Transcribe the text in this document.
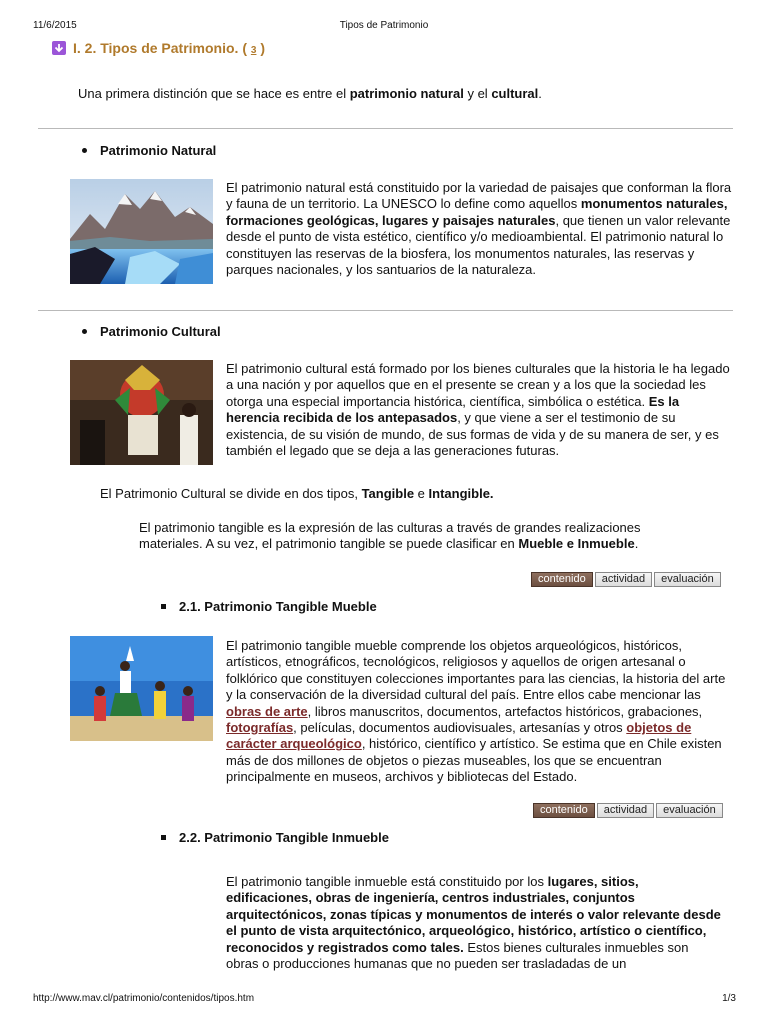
11/6/2015	Tipos de Patrimonio
http://www.mav.cl/patrimonio/contenidos/tipos.htm	1/3
I. 2. Tipos de Patrimonio. ( 3 )
Una primera distinción que se hace es entre el patrimonio natural y el cultural.
Patrimonio Natural
El patrimonio natural está constituido por la variedad de paisajes que conforman la flora y fauna de un territorio. La UNESCO lo define como aquellos monumentos naturales, formaciones geológicas, lugares y paisajes naturales, que tienen un valor relevante desde el punto de vista estético, científico y/o medioambiental. El patrimonio natural lo constituyen las reservas de la biosfera, los monumentos naturales, las reservas y parques nacionales, y los santuarios de la naturaleza.
Patrimonio Cultural
El patrimonio cultural está formado por los bienes culturales que la historia le ha legado a una nación y por aquellos que en el presente se crean y a los que la sociedad les otorga una especial importancia histórica, científica, simbólica o estética. Es la herencia recibida de los antepasados, y que viene a ser el testimonio de su existencia, de su visión de mundo, de sus formas de vida y de su manera de ser, y es también el legado que se deja a las generaciones futuras.
El Patrimonio Cultural se divide en dos tipos, Tangible e Intangible.
El patrimonio tangible es la expresión de las culturas a través de grandes realizaciones materiales. A su vez, el patrimonio tangible se puede clasificar en Mueble e Inmueble.
contenido	actividad	evaluación
2.1. Patrimonio Tangible Mueble
El patrimonio tangible mueble comprende los objetos arqueológicos, históricos, artísticos, etnográficos, tecnológicos, religiosos y aquellos de origen artesanal o folklórico que constituyen colecciones importantes para las ciencias, la historia del arte y la conservación de la diversidad cultural del país. Entre ellos cabe mencionar las obras de arte, libros manuscritos, documentos, artefactos históricos, grabaciones, fotografías, películas, documentos audiovisuales, artesanías y otros objetos de carácter arqueológico, histórico, científico y artístico. Se estima que en Chile existen más de dos millones de objetos o piezas museables, los que se encuentran principalmente en museos, archivos y bibliotecas del Estado.
contenido	actividad	evaluación
2.2. Patrimonio Tangible Inmueble
El patrimonio tangible inmueble está constituido por los lugares, sitios, edificaciones, obras de ingeniería, centros industriales, conjuntos arquitectónicos, zonas típicas y monumentos de interés o valor relevante desde el punto de vista arquitectónico, arqueológico, histórico, artístico o científico, reconocidos y registrados como tales. Estos bienes culturales inmuebles son obras o producciones humanas que no pueden ser trasladadas de un
